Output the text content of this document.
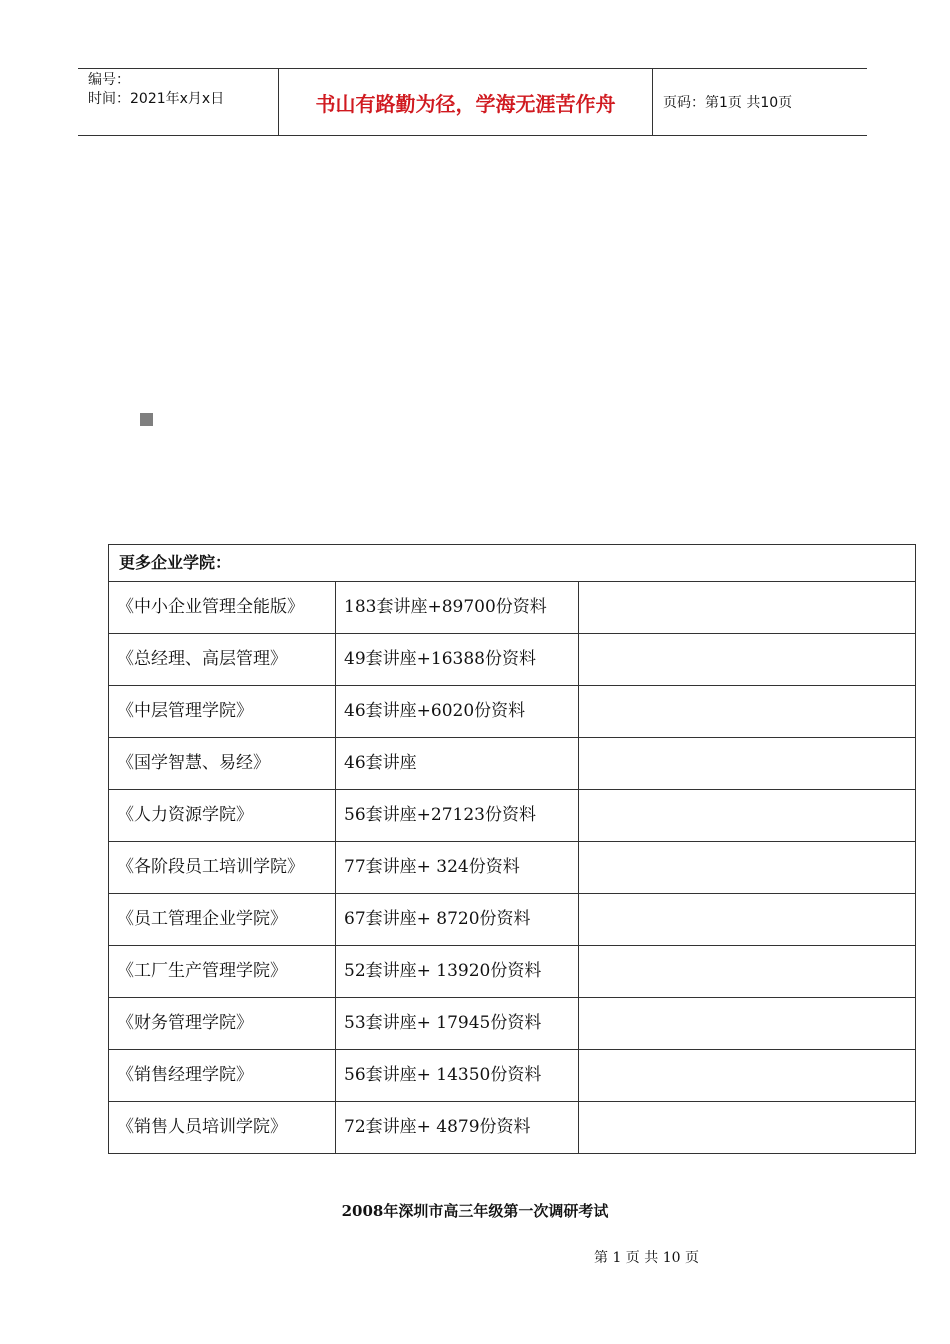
编号：
时间：2021年x月x日	书山有路勤为径，学海无涯苦作舟	页码：第1页 共10页
更多企业学院：		
《中小企业管理全能版》	183套讲座+89700份资料	
《总经理、高层管理》	49套讲座+16388份资料	
《中层管理学院》	46套讲座+6020份资料	
《国学智慧、易经》	46套讲座	
《人力资源学院》	56套讲座+27123份资料	
《各阶段员工培训学院》	77套讲座+ 324份资料	
《员工管理企业学院》	67套讲座+ 8720份资料	
《工厂生产管理学院》	52套讲座+ 13920份资料	
《财务管理学院》	53套讲座+ 17945份资料	
《销售经理学院》	56套讲座+ 14350份资料	
《销售人员培训学院》	72套讲座+ 4879份资料	
2008年深圳市高三年级第一次调研考试
第 1 页 共 10 页
